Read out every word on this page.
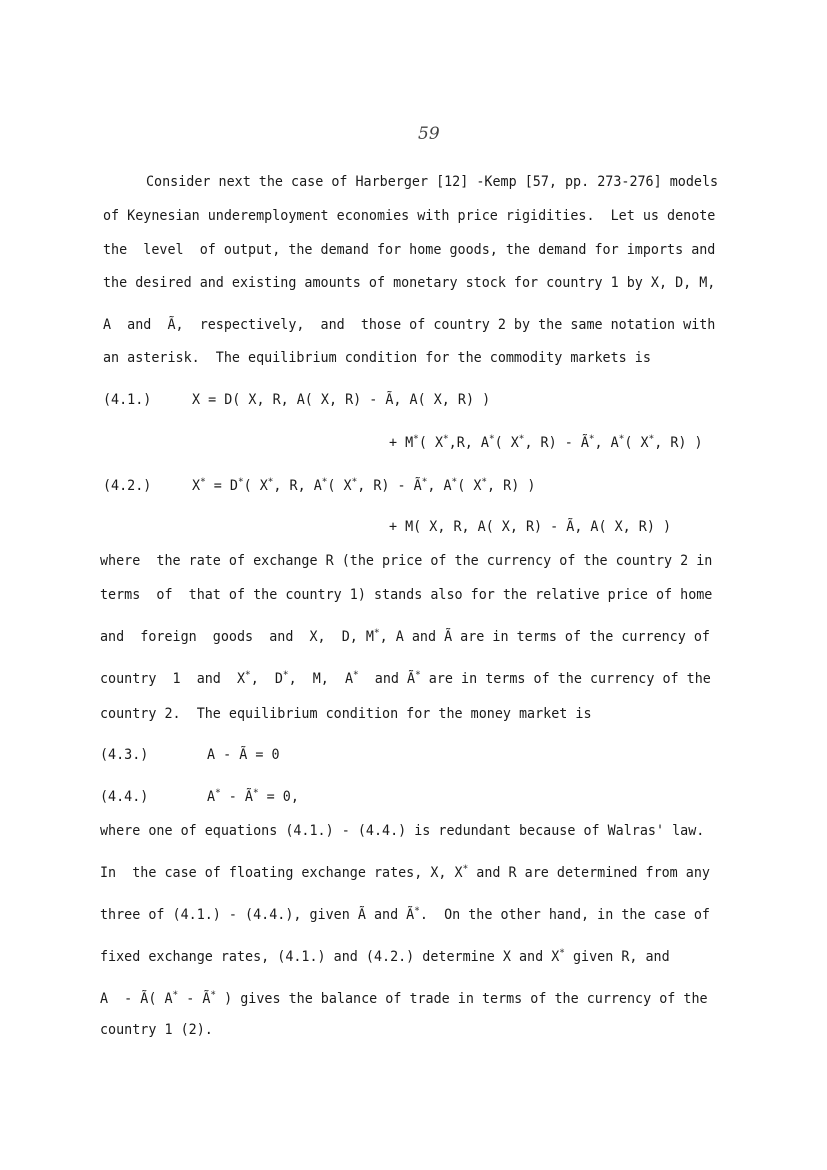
59
Consider next the case of Harberger [12] -Kemp [57, pp. 273-276] models
of Keynesian underemployment economies with price rigidities.  Let us denote
the  level  of output, the demand for home goods, the demand for imports and
the desired and existing amounts of monetary stock for country 1 by X, D, M,
A  and  Ã,  respectively,  and  those of country 2 by the same notation with
an asterisk.  The equilibrium condition for the commodity markets is
(4.1.)	X = D( X, R, A( X, R) - Ã, A( X, R) )
+ M*( X*,R, A*( X*, R) - Ã*, A*( X*, R) )
(4.2.)	X* = D*( X*, R, A*( X*, R) - Ã*, A*( X*, R) )
+ M( X, R, A( X, R) - Ã, A( X, R) )
where  the rate of exchange R (the price of the currency of the country 2 in
terms  of  that of the country 1) stands also for the relative price of home
and  foreign  goods  and  X,  D, M*, A and Ã are in terms of the currency of
country  1  and  X*,  D*,  M,  A*  and Ã* are in terms of the currency of the
country 2.  The equilibrium condition for the money market is
(4.3.)	A - Ã = 0
(4.4.)	A* - Ã* = 0,
where one of equations (4.1.) - (4.4.) is redundant because of Walras' law.
In  the case of floating exchange rates, X, X* and R are determined from any
three of (4.1.) - (4.4.), given Ã and Ã*.  On the other hand, in the case of
fixed exchange rates, (4.1.) and (4.2.) determine X and X* given R, and
A  - Ã( A* - Ã* ) gives the balance of trade in terms of the currency of the
country 1 (2).
